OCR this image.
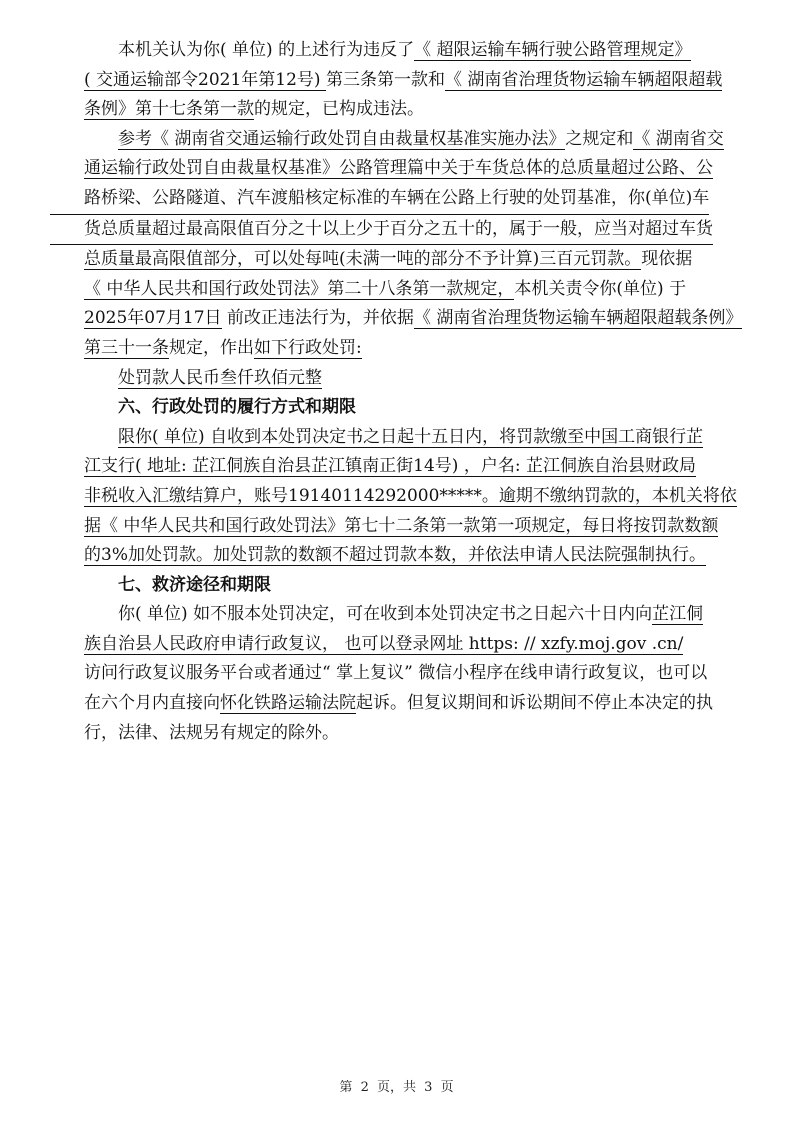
本机关认为你( 单位) 的上述行为违反了《 超限运输车辆行驶公路管理规定》
( 交通运输部令2021年第12号) 第三条第一款和《 湖南省治理货物运输车辆超限超载
条例》第十七条第一款的规定，已构成违法。
参考《 湖南省交通运输行政处罚自由裁量权基准实施办法》之规定和《 湖南省交
通运输行政处罚自由裁量权基准》公路管理篇中关于车货总体的总质量超过公路、公
路桥梁、公路隧道、汽车渡船核定标准的车辆在公路上行驶的处罚基准，你(单位)车 货总质量超过最高限值百分之十以上少于百分之五十的，属于一般，应当对超过车货
总质量最高限值部分，可以处每吨(未满一吨的部分不予计算)三百元罚款。现依据
《 中华人民共和国行政处罚法》第二十八条第一款规定，本机关责令你(单位) 于
2025年07月17日 前改正违法行为，并依据《 湖南省治理货物运输车辆超限超载条例》
第三十一条规定，作出如下行政处罚:
处罚款人民币叁仟玖佰元整
六、行政处罚的履行方式和期限
限你( 单位) 自收到本处罚决定书之日起十五日内，将罚款缴至中国工商银行芷
江支行( 地址: 芷江侗族自治县芷江镇南正街14号) ，户名: 芷江侗族自治县财政局
非税收入汇缴结算户，账号19140114292000*****。逾期不缴纳罚款的，本机关将依
据《 中华人民共和国行政处罚法》第七十二条第一款第一项规定，每日将按罚款数额
的3%加处罚款。加处罚款的数额不超过罚款本数，并依法申请人民法院强制执行。
七、救济途径和期限
你( 单位) 如不服本处罚决定，可在收到本处罚决定书之日起六十日内向芷江侗
族自治县人民政府申请行政复议， 也可以登录网址 https: // xzfy.moj.gov .cn/
访问行政复议服务平台或者通过“ 掌上复议” 微信小程序在线申请行政复议，也可以
在六个月内直接向怀化铁路运输法院起诉。但复议期间和诉讼期间不停止本决定的执
行，法律、法规另有规定的除外。
第 2 页，共 3 页
